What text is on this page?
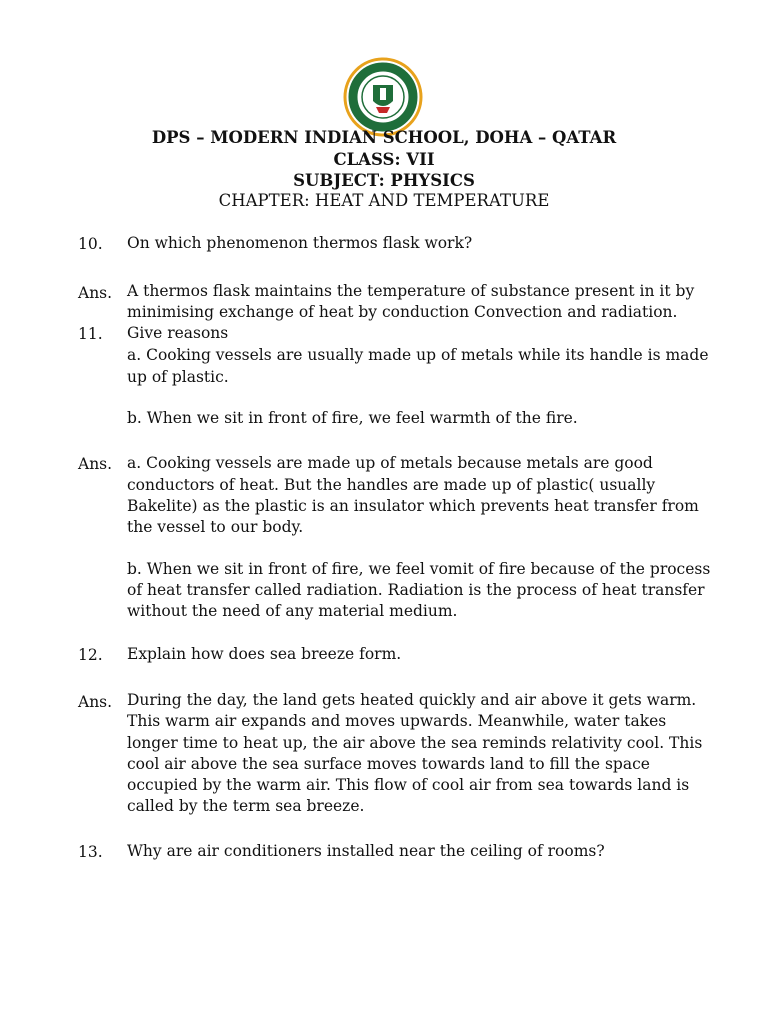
DPS – MODERN INDIAN SCHOOL, DOHA – QATAR
CLASS: VII
SUBJECT: PHYSICS
CHAPTER: HEAT AND TEMPERATURE
10. On which phenomenon thermos flask work?
Ans. A thermos flask maintains the temperature of substance present in it by
minimising exchange of heat by conduction Convection and radiation.
11. Give reasons
a. Cooking vessels are usually made up of metals while its handle is made
up of plastic.
b. When we sit in front of fire, we feel warmth of the fire.
Ans. a. Cooking vessels are made up of metals because metals are good
conductors of heat. But the handles are made up of plastic( usually
Bakelite) as the plastic is an insulator which prevents heat transfer from
the vessel to our body.
b. When we sit in front of fire, we feel vomit of fire because of the process
of heat transfer called radiation. Radiation is the process of heat transfer
without the need of any material medium.
12. Explain how does sea breeze form.
Ans. During the day, the land gets heated quickly and air above it gets warm.
This warm air expands and moves upwards. Meanwhile, water takes
longer time to heat up, the air above the sea reminds relativity cool. This
cool air above the sea surface moves towards land to fill the space
occupied by the warm air. This flow of cool air from sea towards land is
called by the term sea breeze.
13. Why are air conditioners installed near the ceiling of rooms?
